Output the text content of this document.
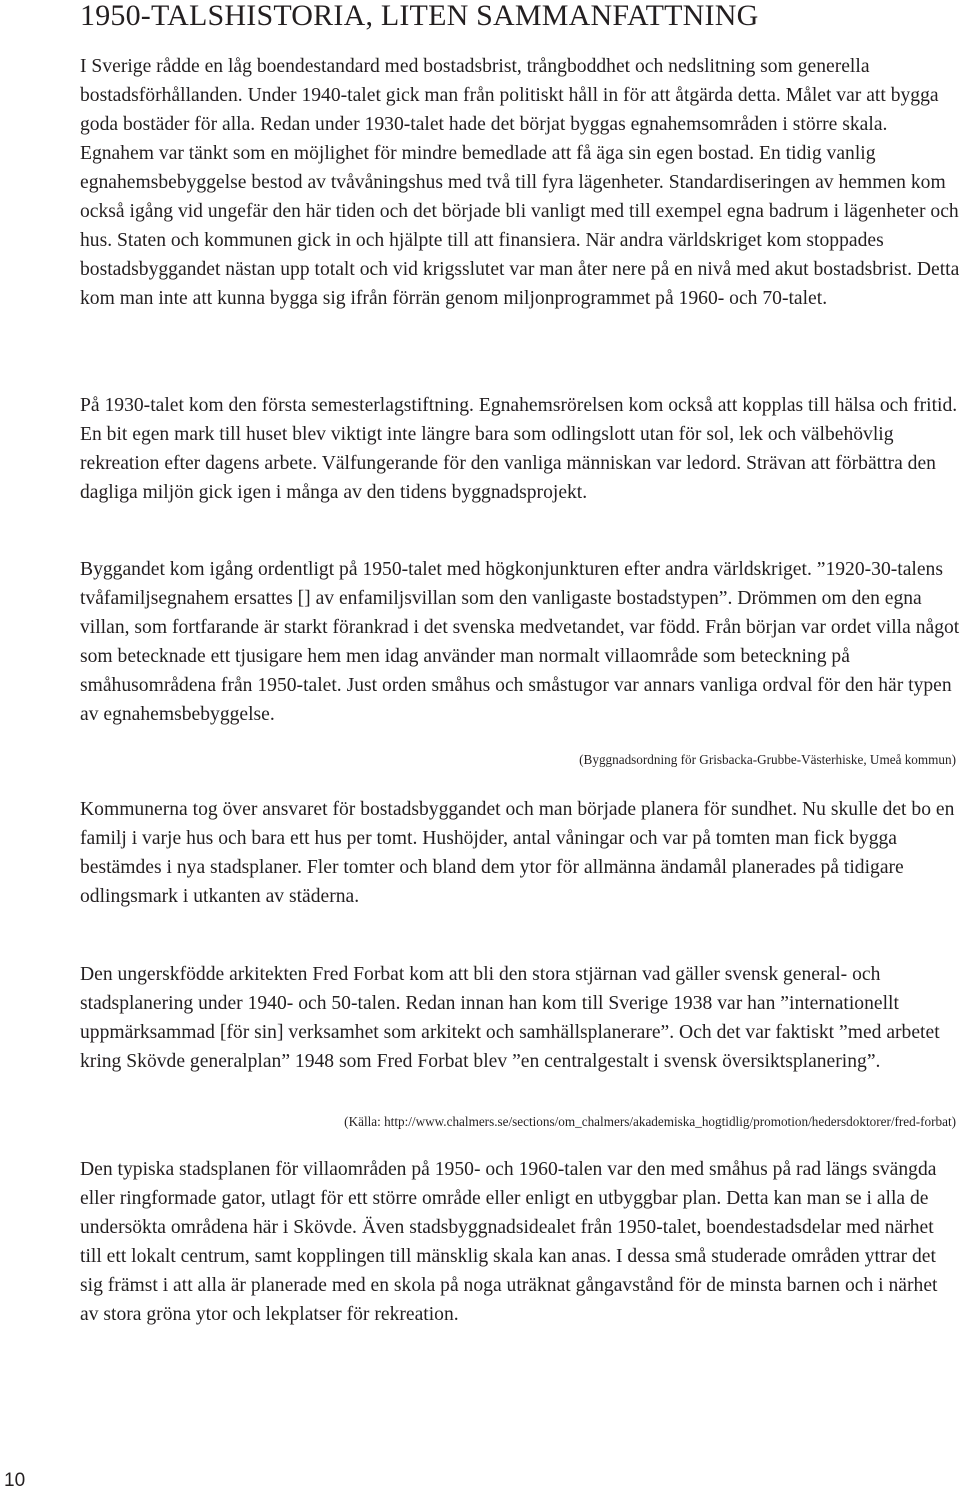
1950-TALSHISTORIA, LITEN SAMMANFATTNING

I Sverige rådde en låg boendestandard med bostadsbrist, trångboddhet och nedslitning som generella bostadsförhållanden. Under 1940-talet gick man från politiskt håll in för att åtgärda detta. Målet var att bygga goda bostäder för alla. Redan under 1930-talet hade det börjat byggas egnahemsområden i större skala. Egnahem var tänkt som en möjlighet för mindre bemedlade att få äga sin egen bostad. En tidig vanlig egnahemsbebyggelse bestod av tvåvåningshus med två till fyra lägenheter. Standardiseringen av hemmen kom också igång vid ungefär den här tiden och det började bli vanligt med till exempel egna badrum i lägenheter och hus. Staten och kommunen gick in och hjälpte till att finansiera. När andra världskriget kom stoppades bostadsbyggandet nästan upp totalt och vid krigsslutet var man åter nere på en nivå med akut bostadsbrist. Detta kom man inte att kunna bygga sig ifrån förrän genom miljonprogrammet på 1960- och 70-talet.

På 1930-talet kom den första semesterlagstiftning. Egnahemsrörelsen kom också att kopplas till hälsa och fritid. En bit egen mark till huset blev viktigt inte längre bara som odlingslott utan för sol, lek och välbehövlig rekreation efter dagens arbete. Välfungerande för den vanliga människan var ledord. Strävan att förbättra den dagliga miljön gick igen i många av den tidens byggnadsprojekt.

Byggandet kom igång ordentligt på 1950-talet med högkonjunkturen efter andra världskriget. ”1920-30-talens tvåfamiljsegnahem ersattes [] av enfamiljsvillan som den vanligaste bostadstypen”. Drömmen om den egna villan, som fortfarande är starkt förankrad i det svenska medvetandet, var född. Från början var ordet villa något som betecknade ett tjusigare hem men idag använder man normalt villaområde som beteckning på småhusområdena från 1950-talet. Just orden småhus och småstugor var annars vanliga ordval för den här typen av egnahemsbebyggelse.

(Byggnadsordning för Grisbacka-Grubbe-Västerhiske, Umeå kommun)

Kommunerna tog över ansvaret för bostadsbyggandet och man började planera för sundhet. Nu skulle det bo en familj i varje hus och bara ett hus per tomt. Hushöjder, antal våningar och var på tomten man fick bygga bestämdes i nya stadsplaner. Fler tomter och bland dem ytor för allmänna ändamål planerades på tidigare odlingsmark i utkanten av städerna.

Den ungerskfödde arkitekten Fred Forbat kom att bli den stora stjärnan vad gäller svensk general- och stadsplanering under 1940- och 50-talen. Redan innan han kom till Sverige 1938 var han ”internationellt uppmärksammad [för sin] verksamhet som arkitekt och samhällsplanerare”. Och det var faktiskt ”med arbetet kring Skövde generalplan” 1948 som Fred Forbat blev ”en centralgestalt i svensk översiktsplanering”.

(Källa: http://www.chalmers.se/sections/om_chalmers/akademiska_hogtidlig/promotion/hedersdoktorer/fred-forbat)

Den typiska stadsplanen för villaområden på 1950- och 1960-talen var den med småhus på rad längs svängda eller ringformade gator, utlagt för ett större område eller enligt en utbyggbar plan. Detta kan man se i alla de undersökta områdena här i Skövde. Även stadsbyggnadsidealet från 1950-talet, boendestadsdelar med närhet till ett lokalt centrum, samt kopplingen till mänsklig skala kan anas. I dessa små studerade områden yttrar det sig främst i att alla är planerade med en skola på noga uträknat gångavstånd för de minsta barnen och i närhet av stora gröna ytor och lekplatser för rekreation.

10
